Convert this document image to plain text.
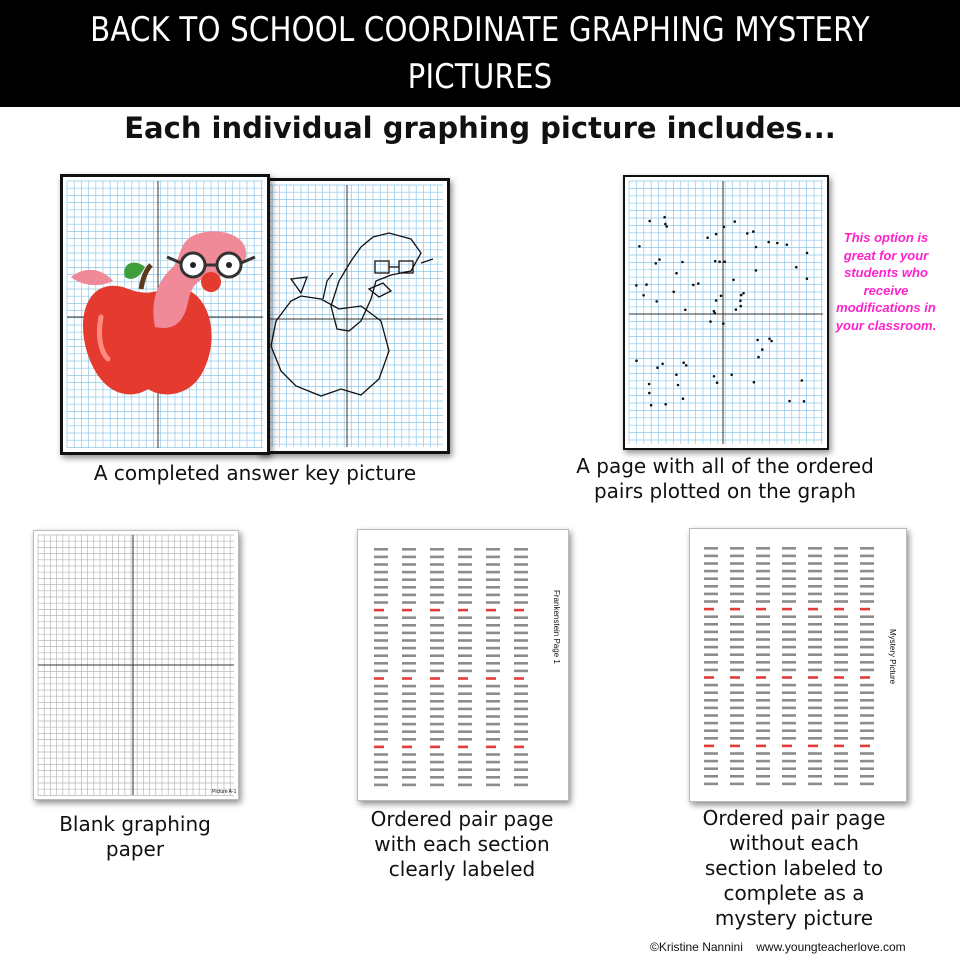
BACK TO SCHOOL COORDINATE GRAPHING MYSTERY PICTURES
Each individual graphing picture includes...
A completed answer key picture
This option is great for your students who receive modifications in your classroom.
A page with all of the ordered pairs plotted on the graph
Picture A-1
Blank graphing paper
Frankenstein Page 1
Ordered pair page with each section clearly labeled
Mystery Picture
Ordered pair page without each section labeled to complete as a mystery picture
©Kristine Nannini www.youngteacherlove.com
